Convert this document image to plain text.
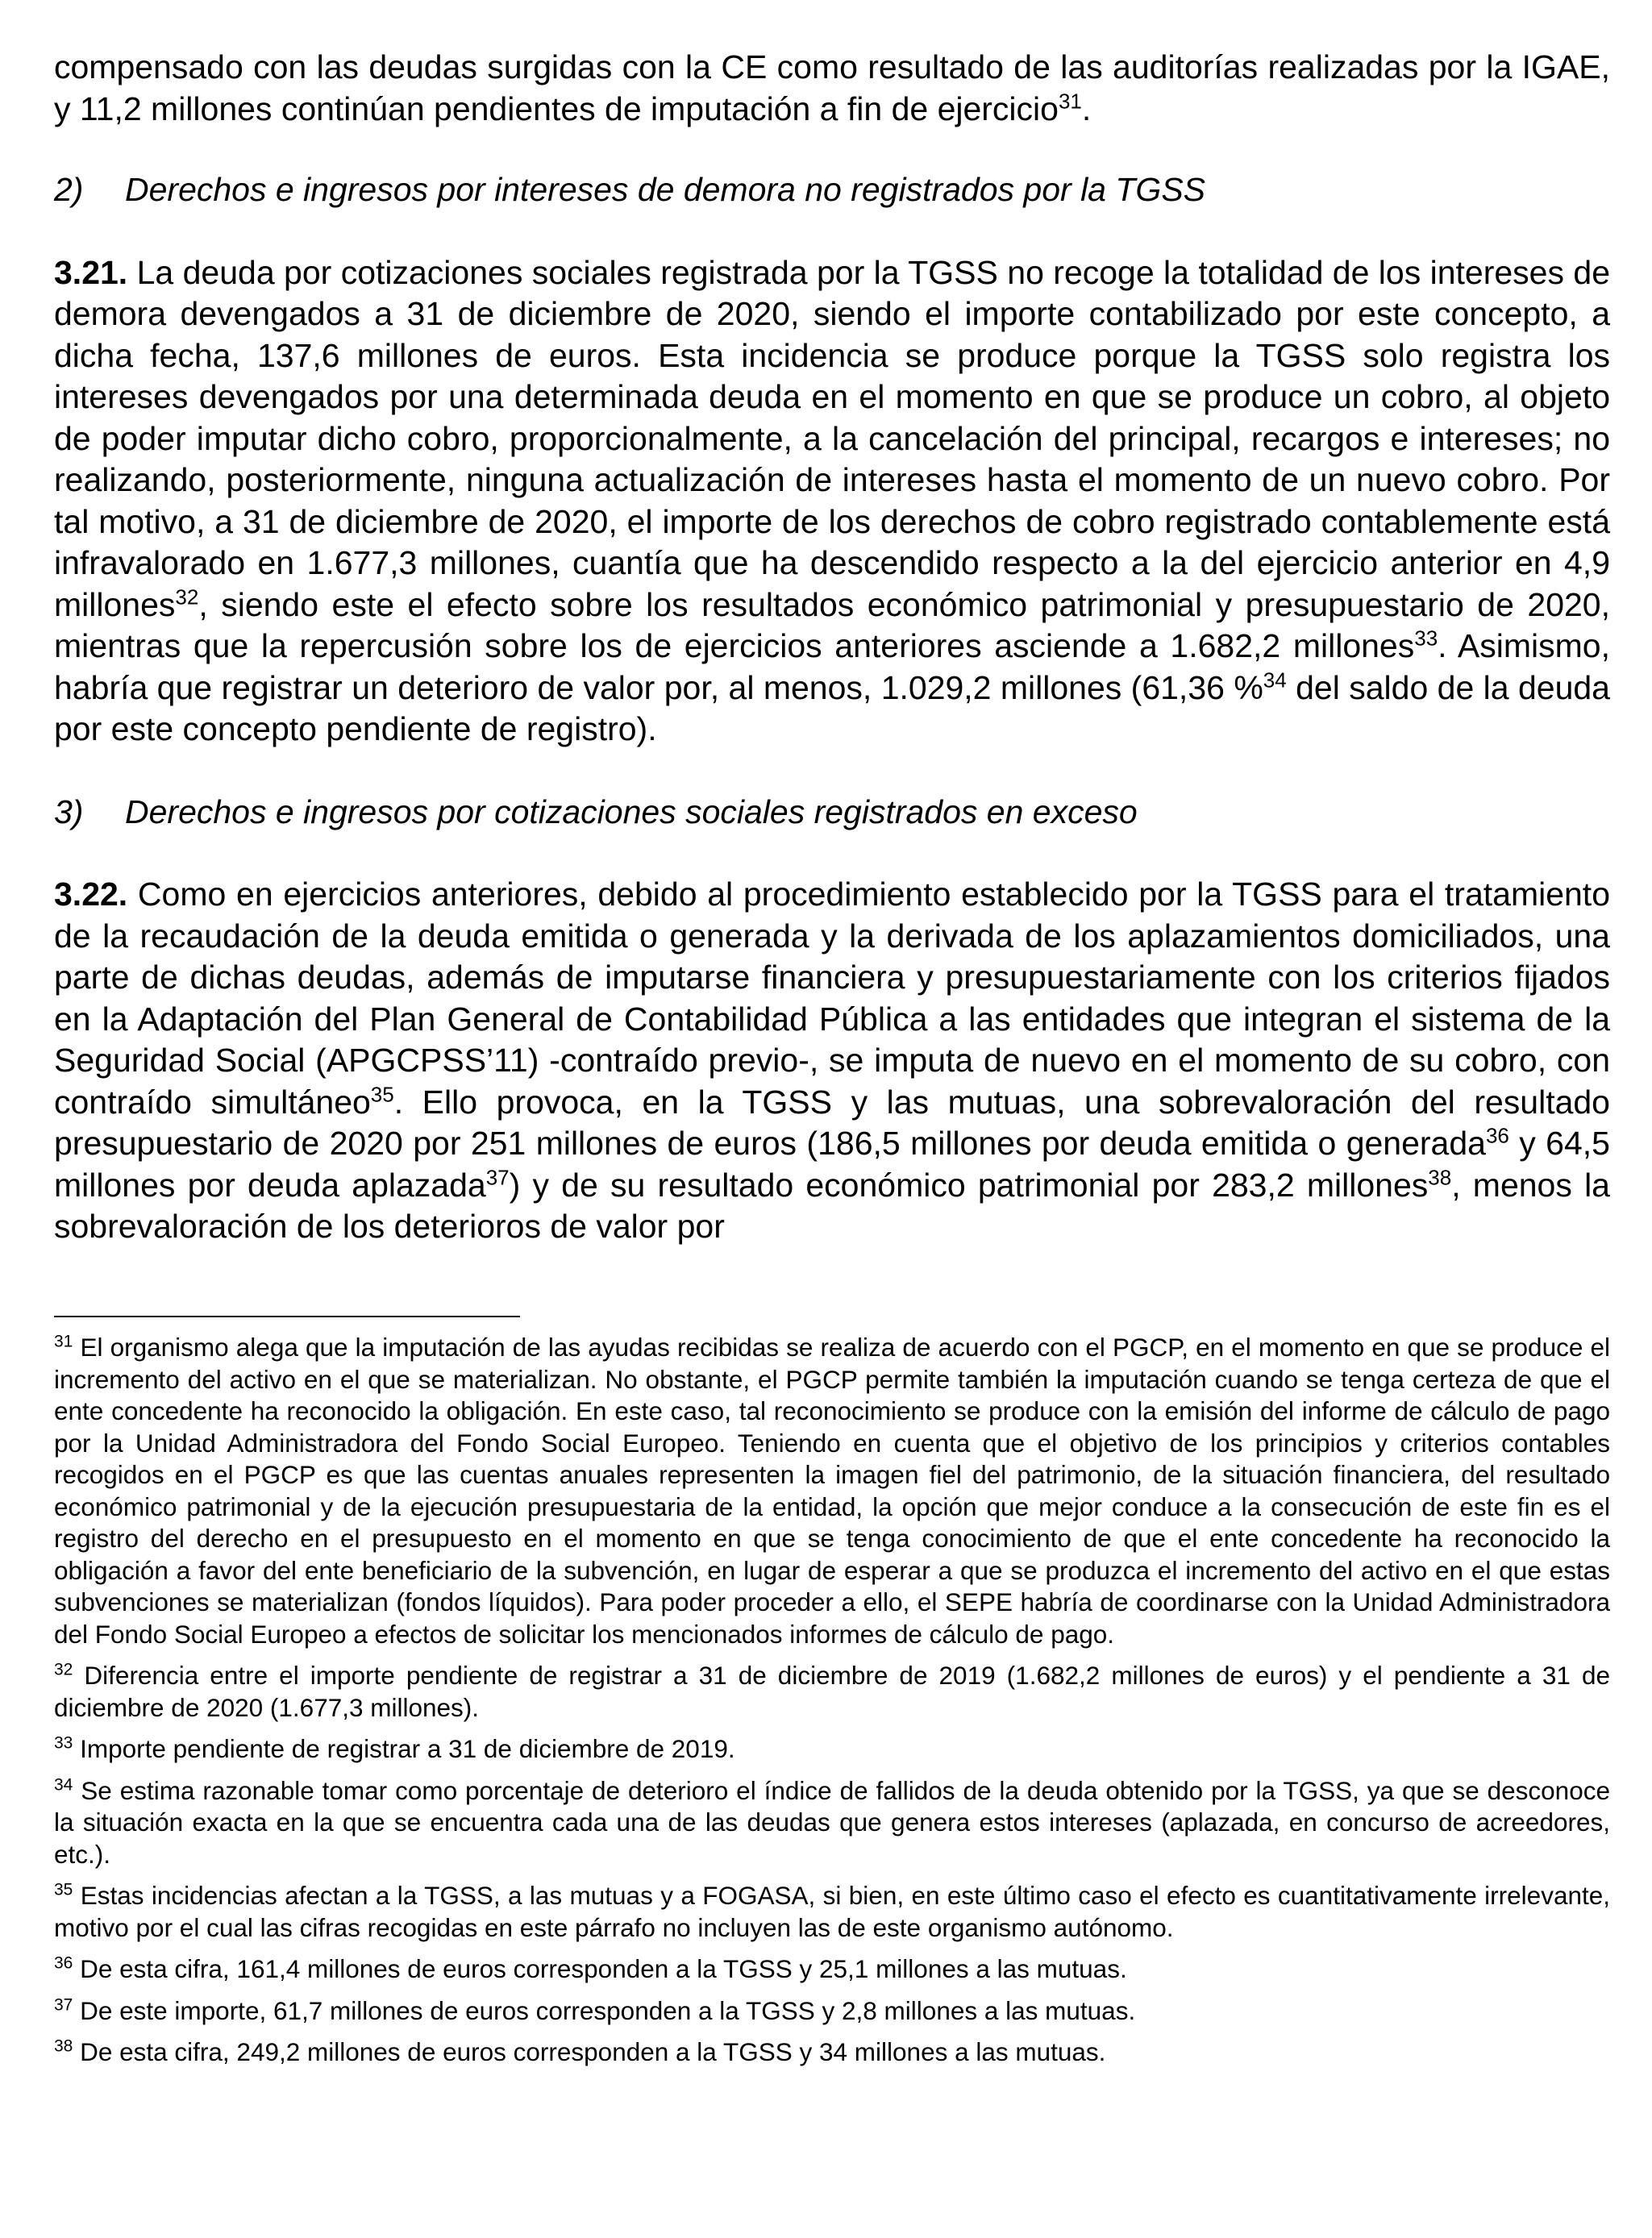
compensado con las deudas surgidas con la CE como resultado de las auditorías realizadas por la IGAE, y 11,2 millones continúan pendientes de imputación a fin de ejercicio$^{31}$.

2) Derechos e ingresos por intereses de demora no registrados por la TGSS

3.21. La deuda por cotizaciones sociales registrada por la TGSS no recoge la totalidad de los intereses de demora devengados a 31 de diciembre de 2020, siendo el importe contabilizado por este concepto, a dicha fecha, 137,6 millones de euros. Esta incidencia se produce porque la TGSS solo registra los intereses devengados por una determinada deuda en el momento en que se produce un cobro, al objeto de poder imputar dicho cobro, proporcionalmente, a la cancelación del principal, recargos e intereses; no realizando, posteriormente, ninguna actualización de intereses hasta el momento de un nuevo cobro. Por tal motivo, a 31 de diciembre de 2020, el importe de los derechos de cobro registrado contablemente está infravalorado en 1.677,3 millones, cuantía que ha descendido respecto a la del ejercicio anterior en 4,9 millones$^{32}$, siendo este el efecto sobre los resultados económico patrimonial y presupuestario de 2020, mientras que la repercusión sobre los de ejercicios anteriores asciende a 1.682,2 millones$^{33}$. Asimismo, habría que registrar un deterioro de valor por, al menos, 1.029,2 millones (61,36 %$^{34}$ del saldo de la deuda por este concepto pendiente de registro).

3) Derechos e ingresos por cotizaciones sociales registrados en exceso

3.22. Como en ejercicios anteriores, debido al procedimiento establecido por la TGSS para el tratamiento de la recaudación de la deuda emitida o generada y la derivada de los aplazamientos domiciliados, una parte de dichas deudas, además de imputarse financiera y presupuestariamente con los criterios fijados en la Adaptación del Plan General de Contabilidad Pública a las entidades que integran el sistema de la Seguridad Social (APGCPSS’11) -contraído previo-, se imputa de nuevo en el momento de su cobro, con contraído simultáneo$^{35}$. Ello provoca, en la TGSS y las mutuas, una sobrevaloración del resultado presupuestario de 2020 por 251 millones de euros (186,5 millones por deuda emitida o generada$^{36}$ y 64,5 millones por deuda aplazada$^{37}$) y de su resultado económico patrimonial por 283,2 millones$^{38}$, menos la sobrevaloración de los deterioros de valor por

$^{31}$ El organismo alega que la imputación de las ayudas recibidas se realiza de acuerdo con el PGCP, en el momento en que se produce el incremento del activo en el que se materializan. No obstante, el PGCP permite también la imputación cuando se tenga certeza de que el ente concedente ha reconocido la obligación. En este caso, tal reconocimiento se produce con la emisión del informe de cálculo de pago por la Unidad Administradora del Fondo Social Europeo. Teniendo en cuenta que el objetivo de los principios y criterios contables recogidos en el PGCP es que las cuentas anuales representen la imagen fiel del patrimonio, de la situación financiera, del resultado económico patrimonial y de la ejecución presupuestaria de la entidad, la opción que mejor conduce a la consecución de este fin es el registro del derecho en el presupuesto en el momento en que se tenga conocimiento de que el ente concedente ha reconocido la obligación a favor del ente beneficiario de la subvención, en lugar de esperar a que se produzca el incremento del activo en el que estas subvenciones se materializan (fondos líquidos). Para poder proceder a ello, el SEPE habría de coordinarse con la Unidad Administradora del Fondo Social Europeo a efectos de solicitar los mencionados informes de cálculo de pago.

$^{32}$ Diferencia entre el importe pendiente de registrar a 31 de diciembre de 2019 (1.682,2 millones de euros) y el pendiente a 31 de diciembre de 2020 (1.677,3 millones).

$^{33}$ Importe pendiente de registrar a 31 de diciembre de 2019.

$^{34}$ Se estima razonable tomar como porcentaje de deterioro el índice de fallidos de la deuda obtenido por la TGSS, ya que se desconoce la situación exacta en la que se encuentra cada una de las deudas que genera estos intereses (aplazada, en concurso de acreedores, etc.).

$^{35}$ Estas incidencias afectan a la TGSS, a las mutuas y a FOGASA, si bien, en este último caso el efecto es cuantitativamente irrelevante, motivo por el cual las cifras recogidas en este párrafo no incluyen las de este organismo autónomo.

$^{36}$ De esta cifra, 161,4 millones de euros corresponden a la TGSS y 25,1 millones a las mutuas.

$^{37}$ De este importe, 61,7 millones de euros corresponden a la TGSS y 2,8 millones a las mutuas.

$^{38}$ De esta cifra, 249,2 millones de euros corresponden a la TGSS y 34 millones a las mutuas.
